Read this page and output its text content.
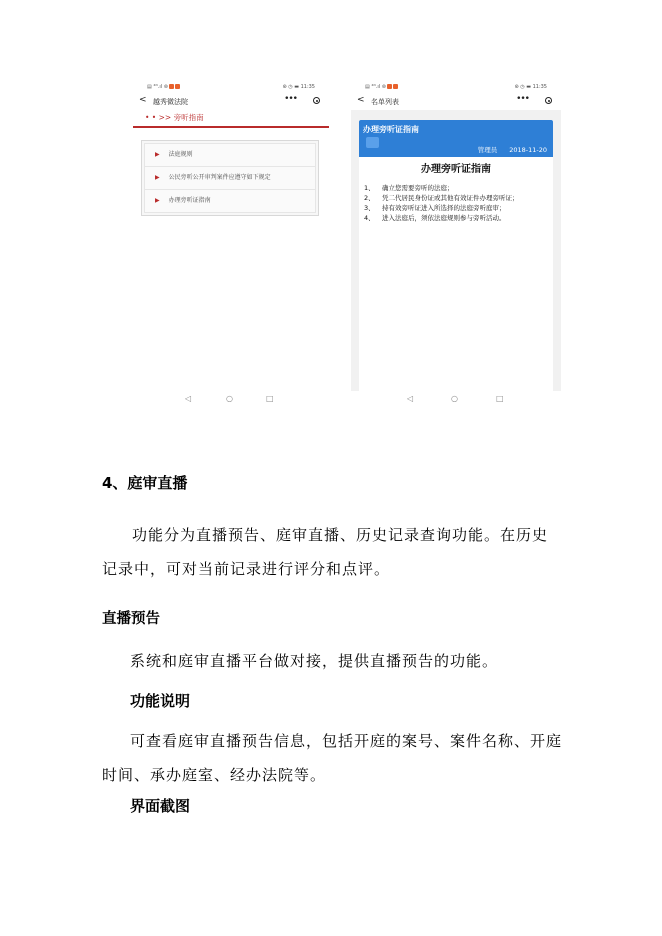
▤ ⁴ᴳ.ıl ⊜	⊛ ◷ ▬ 11:35
< 越秀微法院	•••
• • >> 旁听指南
▶ 法庭规则
▶ 公民旁听公开审判案件应遵守如下规定
▶ 办理旁听证指南
◁	○	□
▤ ⁴ᴳ.ıl ⊜	⊛ ◷ ▬ 11:35
< 名单列表	•••
办理旁听证指南
管理员 2018-11-20
办理旁听证指南
1、	确立您需要旁听的法庭；
2、	凭二代居民身份证或其他有效证件办理旁听证；
3、	持有效旁听证进入所选择的法庭旁听庭审；
4、	进入法庭后，须依法庭规则参与旁听活动。
◁	○	□
4、庭审直播
功能分为直播预告、庭审直播、历史记录查询功能。在历史记录中，可对当前记录进行评分和点评。
直播预告
系统和庭审直播平台做对接，提供直播预告的功能。
功能说明
可查看庭审直播预告信息，包括开庭的案号、案件名称、开庭时间、承办庭室、经办法院等。
界面截图
